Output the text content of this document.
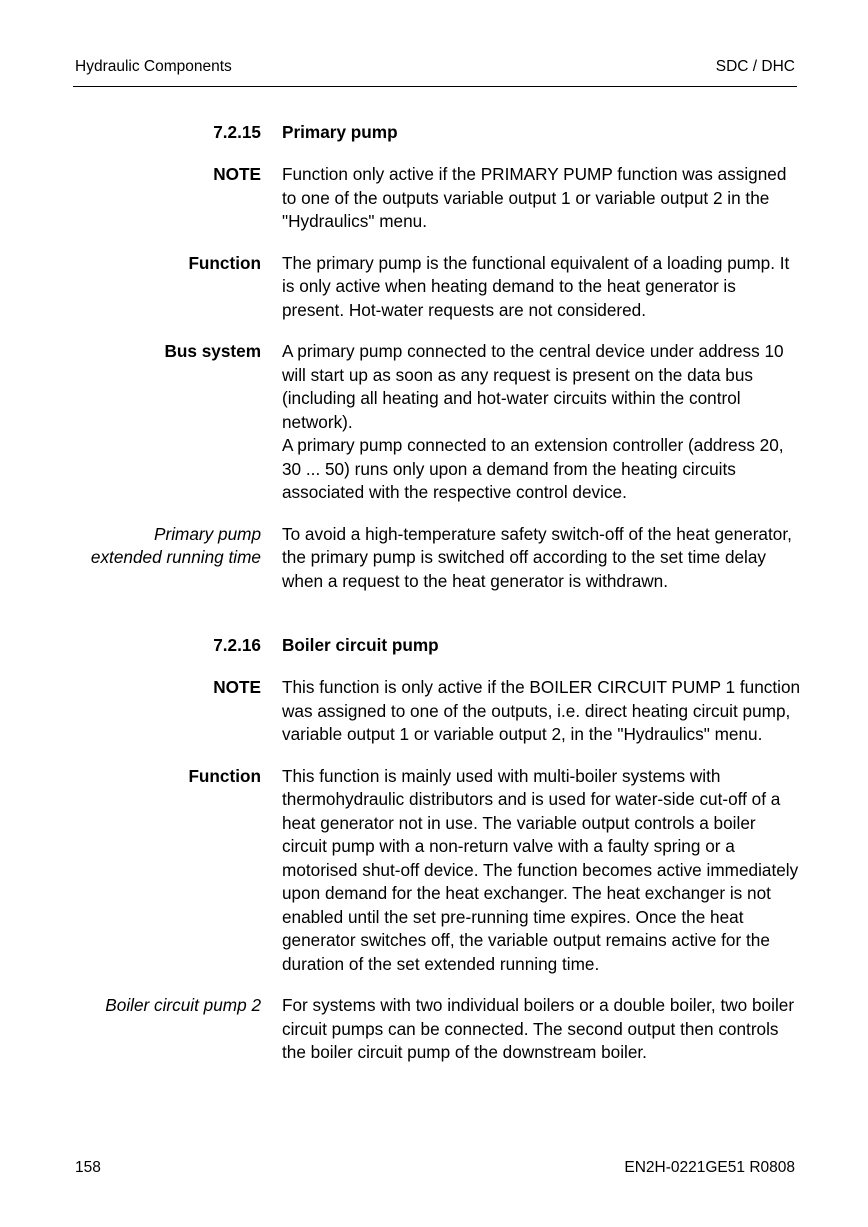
Hydraulic Components	SDC / DHC
7.2.15 Primary pump
NOTE Function only active if the PRIMARY PUMP function was assigned to one of the outputs variable output 1 or variable output 2 in the "Hydraulics" menu.
Function The primary pump is the functional equivalent of a loading pump. It is only active when heating demand to the heat generator is present. Hot-water requests are not considered.
Bus system A primary pump connected to the central device under address 10 will start up as soon as any request is present on the data bus (including all heating and hot-water circuits within the control network).
A primary pump connected to an extension controller (address 20, 30 ... 50) runs only upon a demand from the heating circuits associated with the respective control device.
Primary pump
extended running time
To avoid a high-temperature safety switch-off of the heat generator, the primary pump is switched off according to the set time delay when a request to the heat generator is withdrawn.
7.2.16 Boiler circuit pump
NOTE This function is only active if the BOILER CIRCUIT PUMP 1 function was assigned to one of the outputs, i.e. direct heating circuit pump, variable output 1 or variable output 2, in the "Hydraulics" menu.
Function This function is mainly used with multi-boiler systems with thermohydraulic distributors and is used for water-side cut-off of a heat generator not in use. The variable output controls a boiler circuit pump with a non-return valve with a faulty spring or a motorised shut-off device. The function becomes active immediately upon demand for the heat exchanger. The heat exchanger is not enabled until the set pre-running time expires. Once the heat generator switches off, the variable output remains active for the duration of the set extended running time.
Boiler circuit pump 2 For systems with two individual boilers or a double boiler, two boiler circuit pumps can be connected. The second output then controls the boiler circuit pump of the downstream boiler.
158	EN2H-0221GE51 R0808
